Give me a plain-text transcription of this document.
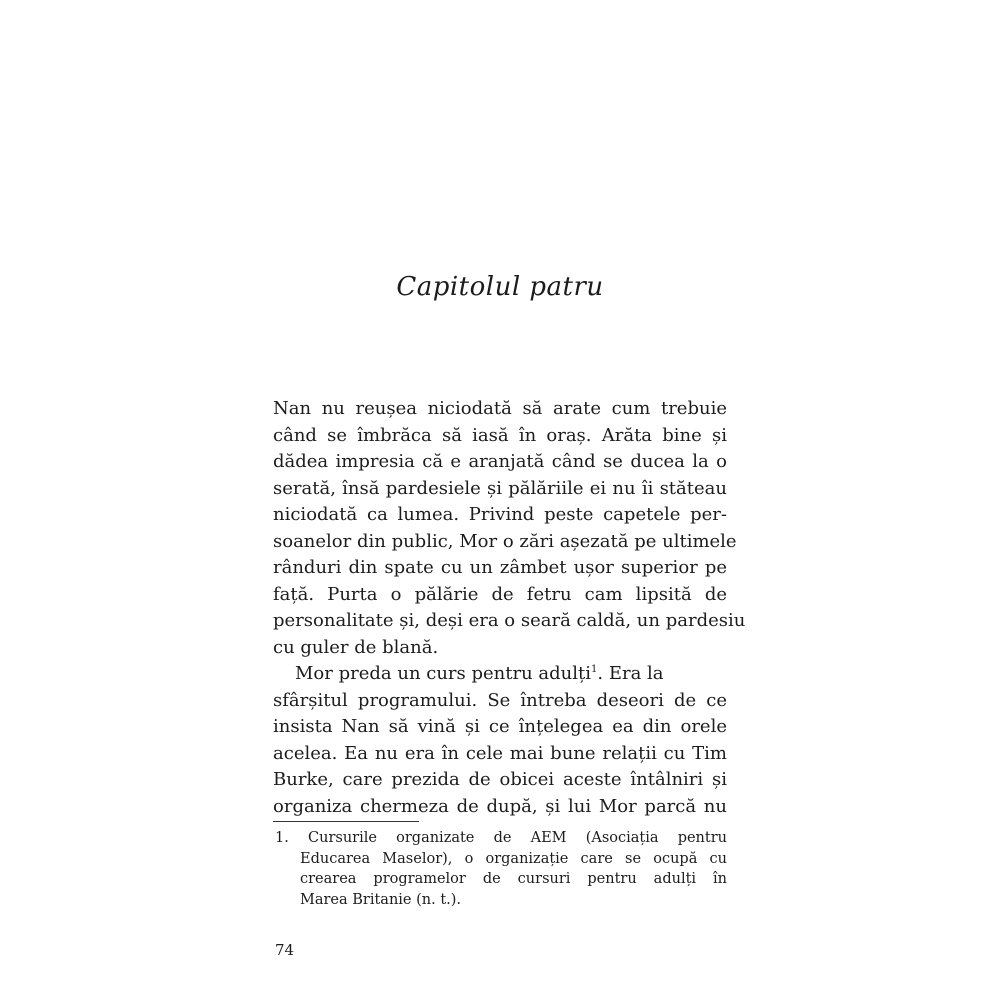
Capitolul patru
Nan nu reușea niciodată să arate cum trebuie
când se îmbrăca să iasă în oraș. Arăta bine și
dădea impresia că e aranjată când se ducea la o
serată, însă pardesiele și pălăriile ei nu îi stăteau
niciodată ca lumea. Privind peste capetele per-
soanelor din public, Mor o zări așezată pe ultimele
rânduri din spate cu un zâmbet ușor superior pe
față. Purta o pălărie de fetru cam lipsită de
personalitate și, deși era o seară caldă, un pardesiu
cu guler de blană.
Mor preda un curs pentru adulți$^1$. Era la
sfârșitul programului. Se întreba deseori de ce
insista Nan să vină și ce înțelegea ea din orele
acelea. Ea nu era în cele mai bune relații cu Tim
Burke, care prezida de obicei aceste întâlniri și
organiza chermeza de după, și lui Mor parcă nu
1. Cursurile organizate de AEM (Asociația pentru
Educarea Maselor), o organizație care se ocupă cu
crearea programelor de cursuri pentru adulți în
Marea Britanie (n. t.).
74
